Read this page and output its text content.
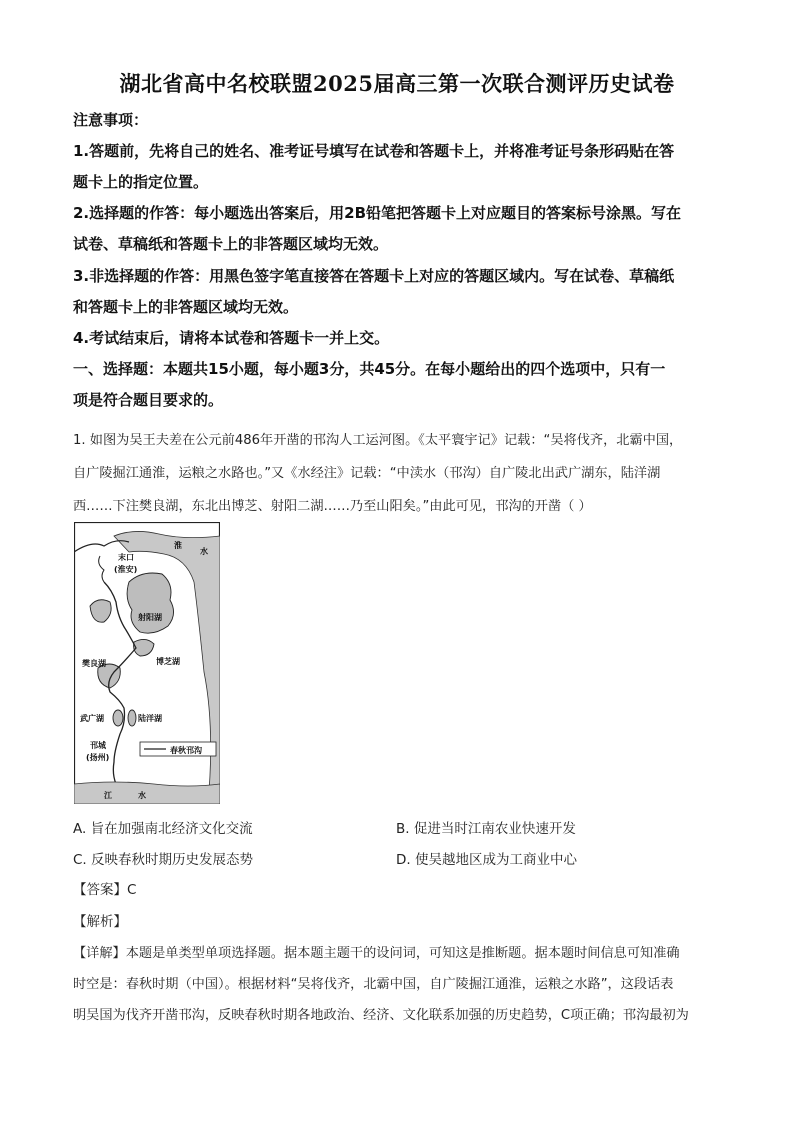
湖北省高中名校联盟2025届高三第一次联合测评历史试卷
注意事项：
1.答题前，先将自己的姓名、准考证号填写在试卷和答题卡上，并将准考证号条形码贴在答
题卡上的指定位置。
2.选择题的作答：每小题选出答案后，用2B铅笔把答题卡上对应题目的答案标号涂黑。写在
试卷、草稿纸和答题卡上的非答题区域均无效。
3.非选择题的作答：用黑色签字笔直接答在答题卡上对应的答题区域内。写在试卷、草稿纸
和答题卡上的非答题区域均无效。
4.考试结束后，请将本试卷和答题卡一并上交。
一、选择题：本题共15小题，每小题3分，共45分。在每小题给出的四个选项中，只有一
项是符合题目要求的。
1. 如图为吴王夫差在公元前486年开凿的邗沟人工运河图。《太平寰宇记》记载：“吴将伐齐，北霸中国，
自广陵掘江通淮，运粮之水路也。”又《水经注》记载：“中渎水（邗沟）自广陵北出武广湖东，陆洋湖
西……下注樊良湖，东北出博芝、射阳二湖……乃至山阳矣。”由此可见，邗沟的开凿（ ）
春秋邗沟
淮
水
末口
(淮安)
射阳湖
樊良湖	博芝湖
武广湖	陆洋湖
邗城
(扬州)
江	水
A. 旨在加强南北经济文化交流	B. 促进当时江南农业快速开发
C. 反映春秋时期历史发展态势	D. 使吴越地区成为工商业中心
【答案】C
【解析】
【详解】本题是单类型单项选择题。据本题主题干的设问词，可知这是推断题。据本题时间信息可知准确
时空是：春秋时期（中国）。根据材料“吴将伐齐，北霸中国，自广陵掘江通淮，运粮之水路”，这段话表
明吴国为伐齐开凿邗沟，反映春秋时期各地政治、经济、文化联系加强的历史趋势，C项正确；邗沟最初为
